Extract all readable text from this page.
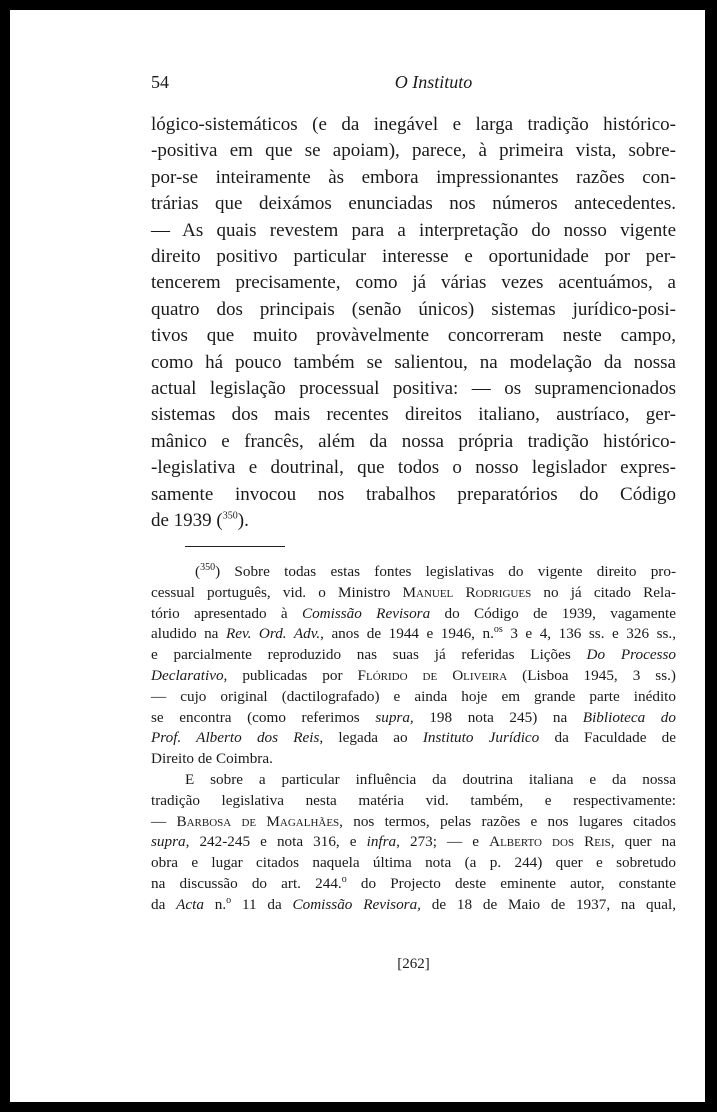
54	O Instituto
lógico-sistemáticos (e da inegável e larga tradição histórico-
-positiva em que se apoiam), parece, à primeira vista, sobre-
por-se inteiramente às embora impressionantes razões con-
trárias que deixámos enunciadas nos números antecedentes.
— As quais revestem para a interpretação do nosso vigente
direito positivo particular interesse e oportunidade por per-
tencerem precisamente, como já várias vezes acentuámos, a
quatro dos principais (senão únicos) sistemas jurídico-posi-
tivos que muito provàvelmente concorreram neste campo,
como há pouco também se salientou, na modelação da nossa
actual legislação processual positiva: — os supramencionados
sistemas dos mais recentes direitos italiano, austríaco, ger-
mânico e francês, além da nossa própria tradição histórico-
-legislativa e doutrinal, que todos o nosso legislador expres-
samente invocou nos trabalhos preparatórios do Código
de 1939 ($^{350}$).
($^{350}$) Sobre todas estas fontes legislativas do vigente direito pro-
cessual português, vid. o Ministro Manuel Rodrigues no já citado Rela-
tório apresentado à Comissão Revisora do Código de 1939, vagamente
aludido na Rev. Ord. Adv., anos de 1944 e 1946, n.$^{os}$ 3 e 4, 136 ss. e 326 ss.,
e parcialmente reproduzido nas suas já referidas Lições Do Processo
Declarativo, publicadas por Flórido de Oliveira (Lisboa 1945, 3 ss.)
— cujo original (dactilografado) e ainda hoje em grande parte inédito
se encontra (como referimos supra, 198 nota 245) na Biblioteca do
Prof. Alberto dos Reis, legada ao Instituto Jurídico da Faculdade de
Direito de Coimbra.
E sobre a particular influência da doutrina italiana e da nossa
tradição legislativa nesta matéria vid. também, e respectivamente:
— Barbosa de Magalhães, nos termos, pelas razões e nos lugares citados
supra, 242-245 e nota 316, e infra, 273; — e Alberto dos Reis, quer na
obra e lugar citados naquela última nota (a p. 244) quer e sobretudo
na discussão do art. 244.$^o$ do Projecto deste eminente autor, constante
da Acta n.$^o$ 11 da Comissão Revisora, de 18 de Maio de 1937, na qual,
[262]
